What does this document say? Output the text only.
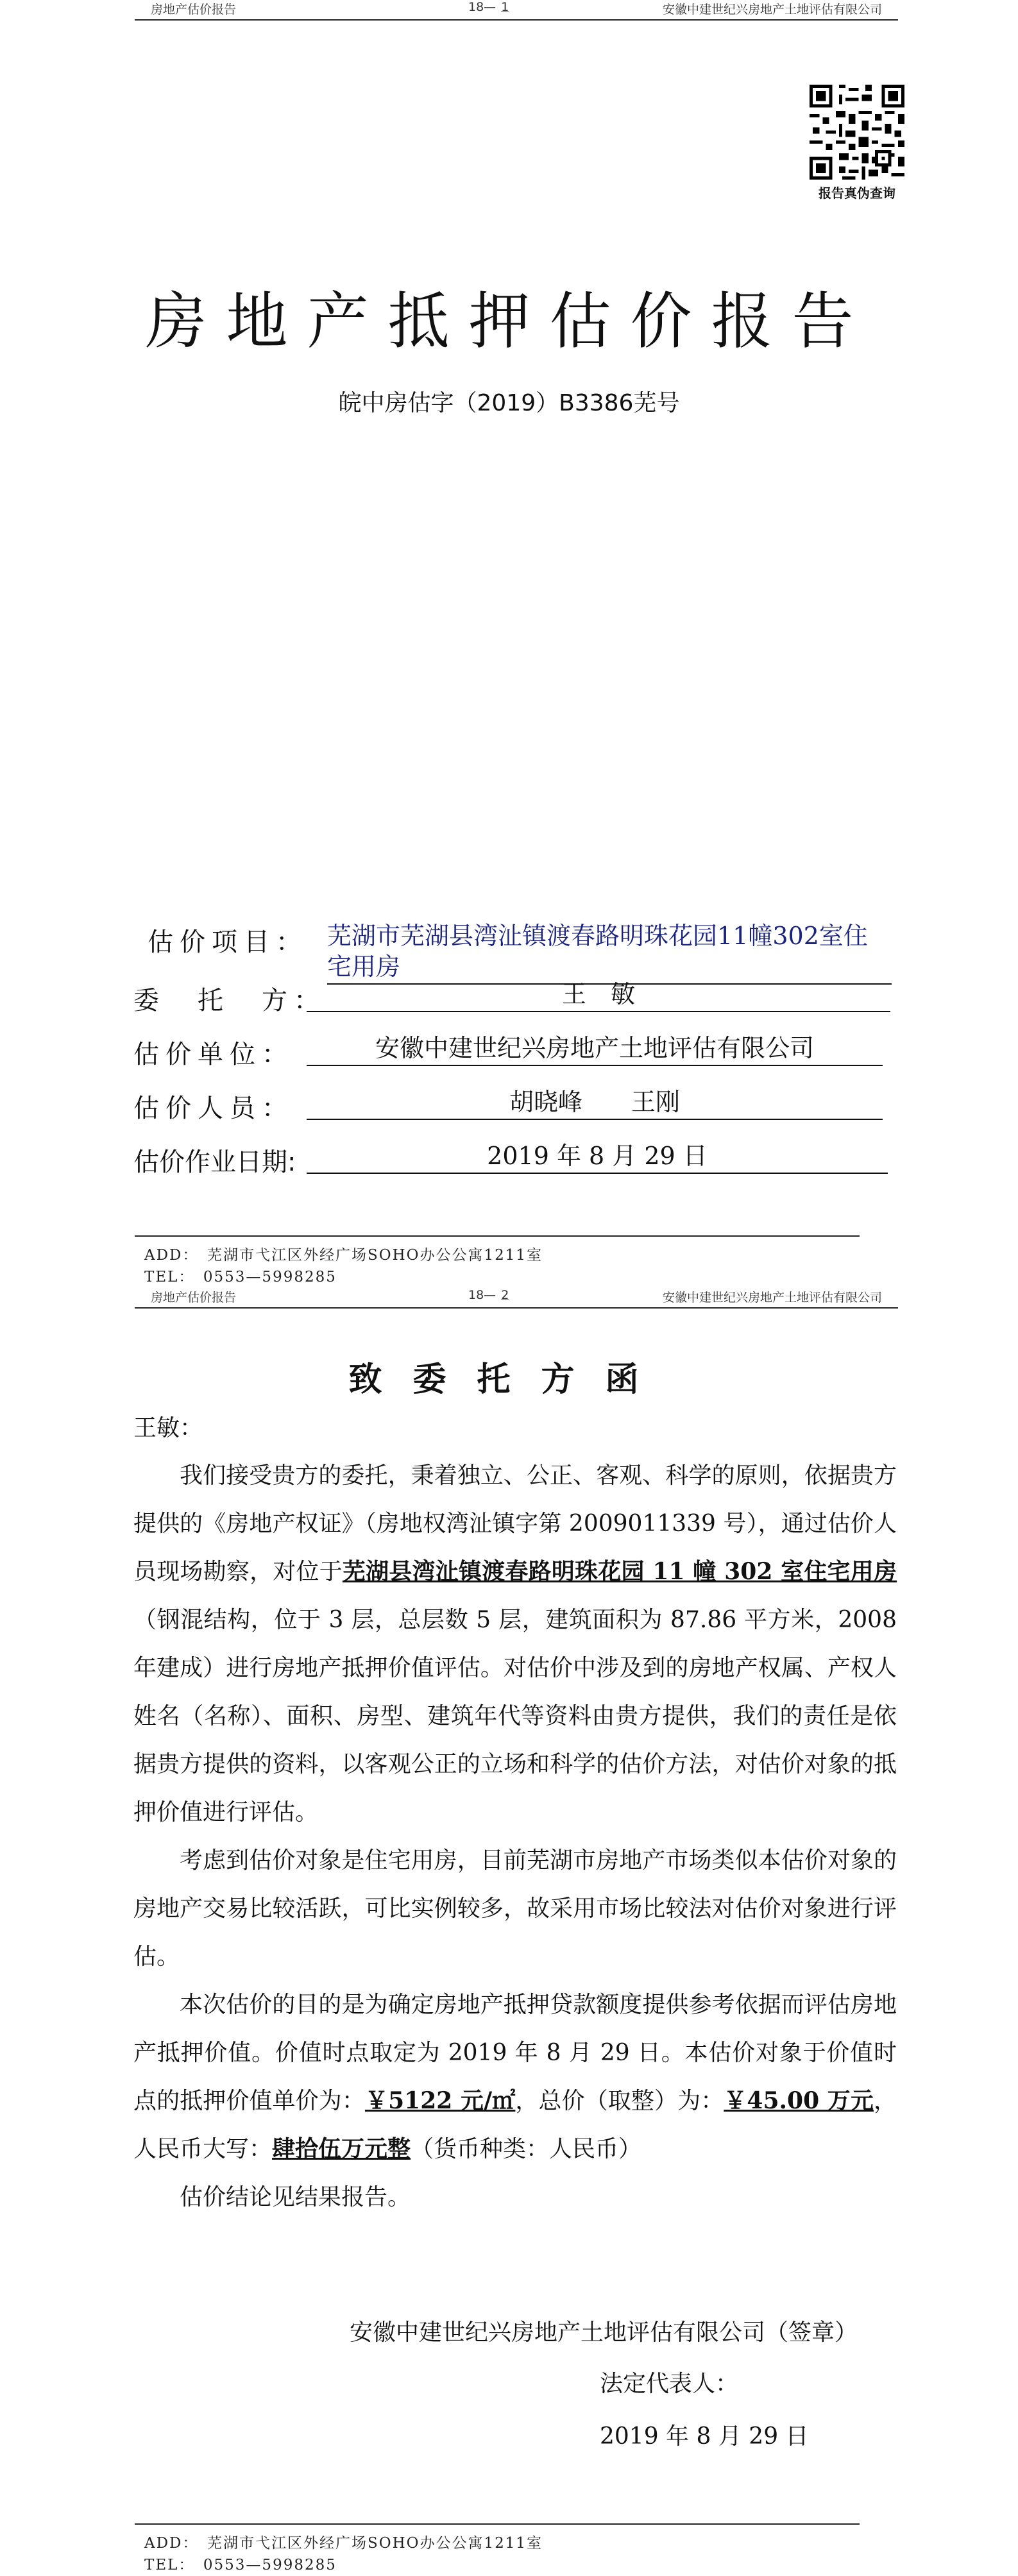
房地产估价报告	18— 1	安徽中建世纪兴房地产土地评估有限公司
报告真伪查询
房地产抵押估价报告
皖中房估字（2019）B3386芜号
估价项目： 芜湖市芜湖县湾沚镇渡春路明珠花园11幢302室住宅用房
委　托　方：	王　敏
估价单位：	安徽中建世纪兴房地产土地评估有限公司
估价人员：	胡晓峰　　王刚
估价作业日期:	2019 年 8 月 29 日
ADD：　芜湖市弋江区外经广场SOHO办公公寓1211室
TEL：　0553—5998285
房地产估价报告	18— 2	安徽中建世纪兴房地产土地评估有限公司
致委托方函
王敏：

我们接受贵方的委托，秉着独立、公正、客观、科学的原则，依据贵方提供的《房地产权证》（房地权湾沚镇字第 2009011339 号），通过估价人员现场勘察，对位于芜湖县湾沚镇渡春路明珠花园 11 幢 302 室住宅用房（钢混结构，位于 3 层，总层数 5 层，建筑面积为 87.86 平方米，2008 年建成）进行房地产抵押价值评估。对估价中涉及到的房地产权属、产权人姓名（名称）、面积、房型、建筑年代等资料由贵方提供，我们的责任是依据贵方提供的资料，以客观公正的立场和科学的估价方法，对估价对象的抵押价值进行评估。

考虑到估价对象是住宅用房，目前芜湖市房地产市场类似本估价对象的房地产交易比较活跃，可比实例较多，故采用市场比较法对估价对象进行评估。

本次估价的目的是为确定房地产抵押贷款额度提供参考依据而评估房地产抵押价值。价值时点取定为 2019 年 8 月 29 日。本估价对象于价值时点的抵押价值单价为：￥5122 元/㎡，总价（取整）为：￥45.00 万元，人民币大写：肆拾伍万元整（货币种类：人民币）

估价结论见结果报告。

安徽中建世纪兴房地产土地评估有限公司（签章）
法定代表人：
2019 年 8 月 29 日
ADD：　芜湖市弋江区外经广场SOHO办公公寓1211室
TEL：　0553—5998285
